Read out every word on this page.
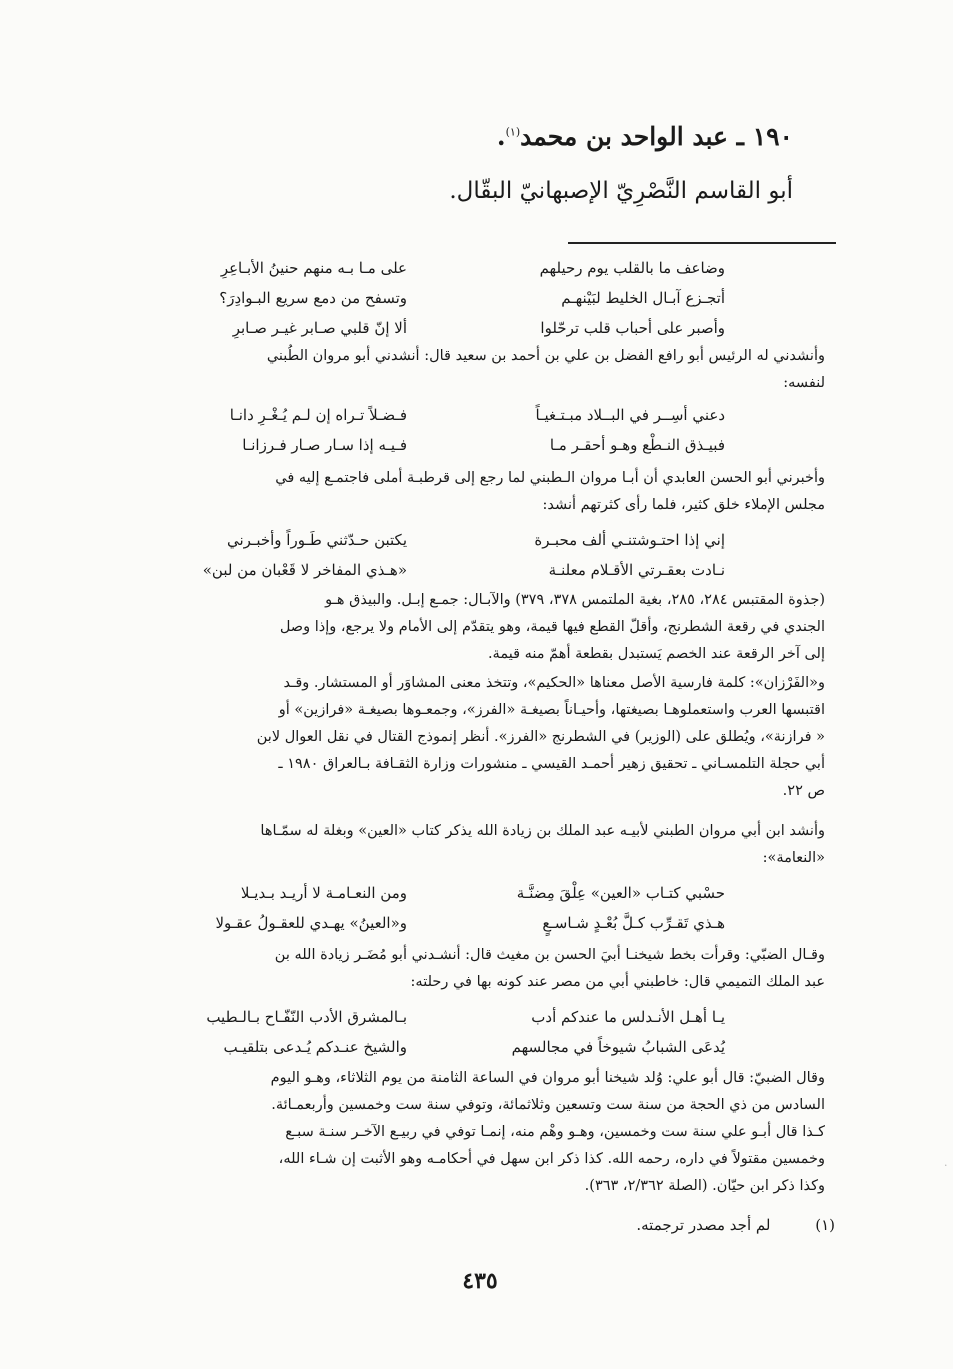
١٩٠ ـ عبد الواحد بن محمد$^{(١)}$.
أبو القاسم النَّصْرِيّ الإصبهانيّ البقّال.
وضاعف ما بالقلب يوم رحيلهم
على مـا بـه منهم حنينُ الأبـاعِرِ
أتجـزع آبـال الخليط لبَيْنهـم
وتسفح من دمع سريع البـوادِرَ؟
وأصبر على أحباب قلب ترحّلوا
ألا إنّ قلبي صـابر غيـر صـابرِ
وأنشدني له الرئيس أبو رافع الفضل بن علي بن أحمد بن سعيد قال: أنشدني أبو مروان الطُبني
لنفسه:
دعني أسِــر في البــلاد مبـتـغيـاً
فـضـلاً تـراه إن لـم يُـغْـرِ دانـا
فبيـذق النـطْع وهـو أحقـر مـا
فـيـه إذا سـار صـار فـرزانـا
وأخبرني أبو الحسن العابدي أن أبـا مروان الـطبني لما رجع إلى قرطبـة أملى فاجتمـع إليه في
مجلس الإملاء خلق كثير، فلما رأى كثرتهم أنشد:
إني إذا احتـوشتنـي ألف محبـرة
يكتبن حـدّثني طَـوراً وأخبـرني
نـادت بعقـرتي الأقـلام معلنـة
«هـذي المفاخر لا قَعْبان من لبن»
(جذوة المقتبس ٢٨٤، ٢٨٥، بغية الملتمس ٣٧٨، ٣٧٩) والآبـال: جمـع إبـل. والبيذق هـو
الجندي في رقعة الشطرنج، وأقلّ القطع فيها قيمة، وهو يتقدّم إلى الأمام ولا يرجع، وإذا وصل
إلى آخر الرقعة عند الخصم يَستبدل بقطعة أهمّ منه قيمة.
و«الفَرْزان»: كلمة فارسية الأصل معناها «الحكيم»، وتتخذ معنى المشاوَر أو المستشار. وقـد
اقتبسها العرب واستعملوهـا بصيغتها، وأحيـاناً بصيغـة «الفرز»، وجمعـوها بصيغـة «فرازين» أو
« فرازنة»، ويُطلق على (الوزير) في الشطرنج «الفرز». أنظر إنموذج القتال في نقل العوال لابن
أبي حجلة التلمسـاني ـ تحقيق زهير أحمـد القيسي ـ منشورات وزارة الثقـافة بـالعراق ١٩٨٠ ـ
ص ٢٢.
وأنشد ابن أبي مروان الطبني لأبيـه عبد الملك بن زيادة الله يذكر كتاب «العين» وبغلة له سمّـاها
«النعامة»:
حسْبي كتـاب «العين» عِلْقَ مِضنَّـة
ومن النعـامـة لا أريـد بـديـلا
هـذي تَقـرِّب كـلَّ بُعْـدٍ شـاسـعٍ
و«العينُ» يهـدي للعقـولُ عقـولا
وقـال الضبّي: وقرأت بخط شيخنـا أبيَ الحسن بن مغيث قال: أنشـدني أبو مُضَـر زيادة الله بن
عبد الملك التميمي قال: خاطبني أبي من مصر عند كونه بها في رحلته:
يـا أهـل الأنـدلس ما عندكم أدب
بـالمشرق الأدب النّفّـاح بـالـطيب
يُدعَى الشبابُ شيوخاً في مجالسهم
والشيخ عنـدكم يُـدعى بتلقيـب
وقال الضبيّ: قال أبو علي: وُلد شيخنا أبو مروان في الساعة الثامنة من يوم الثلاثاء، وهـو اليوم
السادس من ذي الحجة من سنة ست وتسعين وثلاثمائة، وتوفي سنة ست وخمسين وأربعمـائة.
كـذا قال أبـو علي سنة ست وخمسين، وهـو وهْم منه، إنمـا توفي في ربيـع الآخـر سنـة سبـع
وخمسين مقتولاً في داره، رحمه الله. كذا ذكر ابن سهل في أحكامـه وهو الأثبت إن شـاء الله،
وكذا ذكر ابن حيّان. (الصلة ٢/٣٦٢، ٣٦٣).
(١) لم أجد مصدر ترجمته.
٤٣٥
·
